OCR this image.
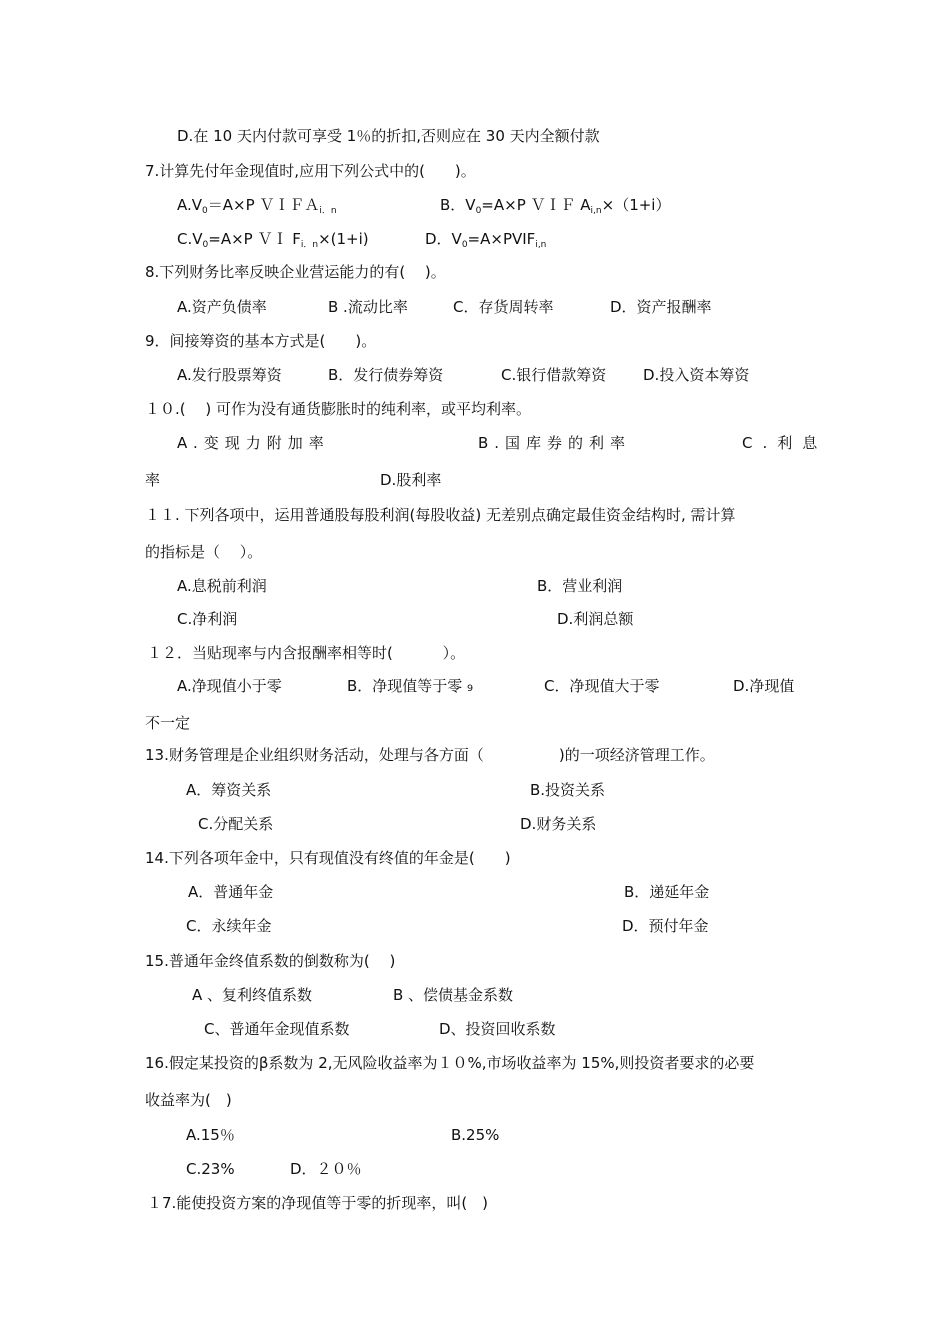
D.在 10 天内付款可享受 1％的折扣,否则应在 30 天内全额付款
7.计算先付年金现值时,应用下列公式中的(　　)。
$A.V_0=A\times P$ ＶＩＦＡ$_{i.n}$	B．$V_0=A\times P$ ＶＩＦ $A_{i,n}\times(1+i)$
$C.V_0=A\times P$ ＶＩ $F_{i.n}\times(1+i)$	D．$V_0=A\times PVIF_{i,n}$
8.下列财务比率反映企业营运能力的有(　 )。
A.资产负债率	B .流动比率	C．存货周转率	D．资产报酬率
9．间接筹资的基本方式是(　　)。
A.发行股票筹资	B．发行债券筹资	C.银行借款筹资 D.投入资本筹资
１０.(　 ) 可作为没有通货膨胀时的纯利率，或平均利率。
A.变现力附加率	B.国库券的利率	C.利息
率	D.股利率
１１. 下列各项中，运用普通股每股利润(每股收益) 无差别点确定最佳资金结构时, 需计算
的指标是（　 ）。
A.息税前利润	B．营业利润
C.净利润	D.利润总额
１２．当贴现率与内含报酬率相等时(　　　 ）。
A.净现值小于零	B．净现值等于零 ₉	C．净现值大于零	D.净现值
不一定
13.财务管理是企业组织财务活动，处理与各方面（　　　　　)的一项经济管理工作。
A．筹资关系	B.投资关系
C.分配关系	D.财务关系
14.下列各项年金中，只有现值没有终值的年金是(　　)
A．普通年金	B．递延年金
C．永续年金	D．预付年金
15.普通年金终值系数的倒数称为(　 )
A 、复利终值系数	B 、偿债基金系数
C、普通年金现值系数	D、投资回收系数
16.假定某投资的β系数为 2,无风险收益率为１０%,市场收益率为 15%,则投资者要求的必要
收益率为(　)
A.15％	B.25%
C.23%	D．２０％
１7.能使投资方案的净现值等于零的折现率，叫(　)
